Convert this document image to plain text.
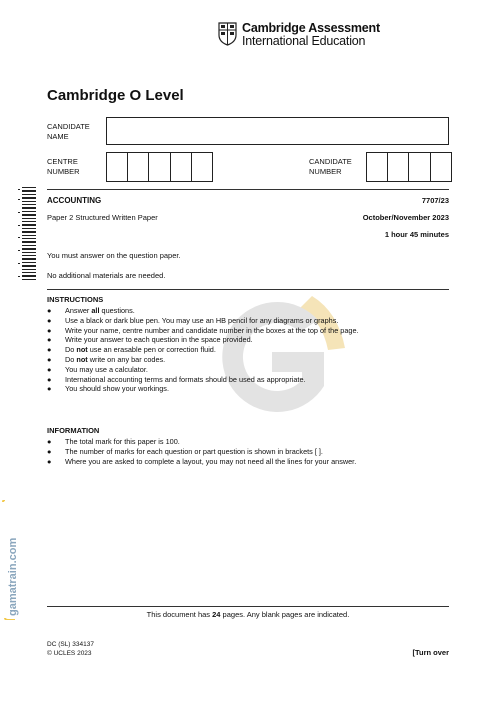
Cambridge Assessment
International Education
Cambridge O Level
CANDIDATE
NAME
CENTRE
NUMBER
CANDIDATE
NUMBER
ACCOUNTING	7707/23
Paper 2 Structured Written Paper	October/November 2023
1 hour 45 minutes
You must answer on the question paper.
No additional materials are needed.
INSTRUCTIONS
●	Answer all questions.
●	Use a black or dark blue pen. You may use an HB pencil for any diagrams or graphs.
●	Write your name, centre number and candidate number in the boxes at the top of the page.
●	Write your answer to each question in the space provided.
●	Do not use an erasable pen or correction fluid.
●	Do not write on any bar codes.
●	You may use a calculator.
●	International accounting terms and formats should be used as appropriate.
●	You should show your workings.
INFORMATION
●	The total mark for this paper is 100.
●	The number of marks for each question or part question is shown in brackets [ ].
●	Where you are asked to complete a layout, you may not need all the lines for your answer.
gamatrain.com	This document has 24 pages. Any blank pages are indicated.
DC (SL) 334137
© UCLES 2023	[Turn over
